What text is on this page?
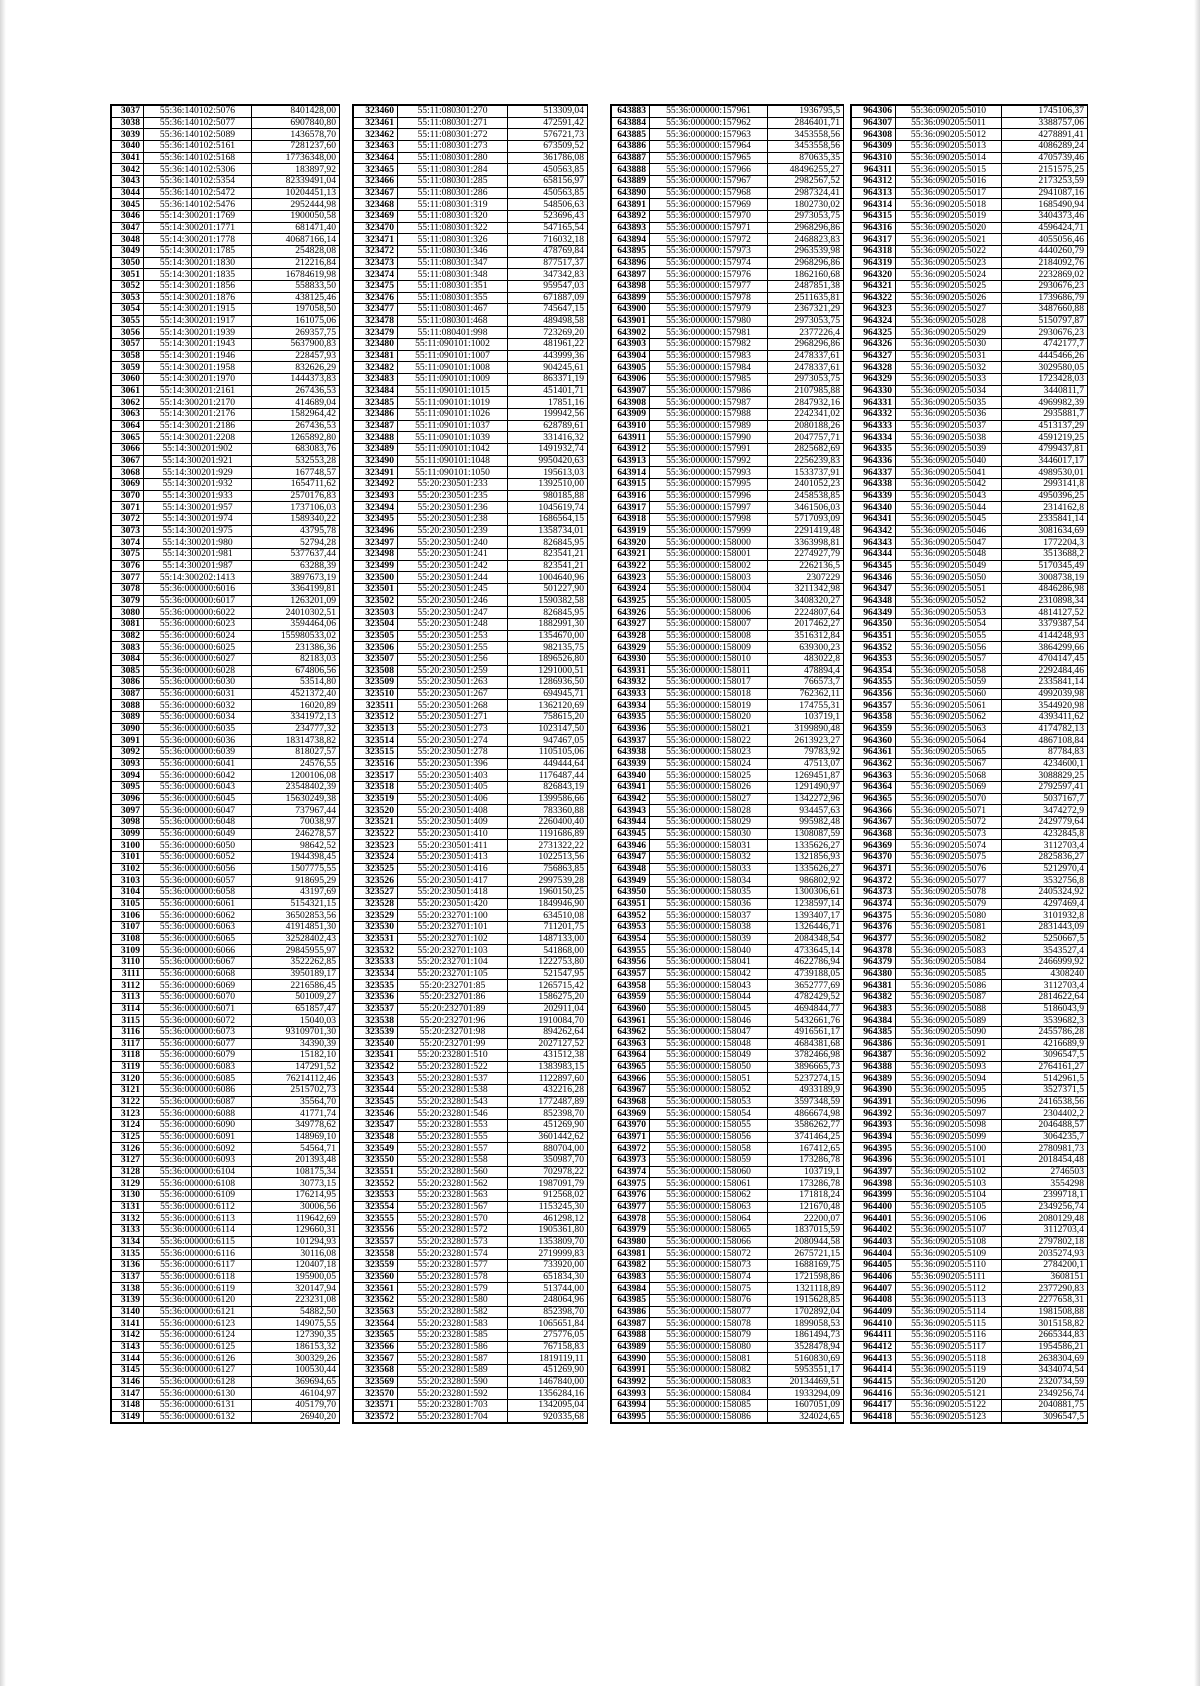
3037	55:36:140102:5076	8401428,00
3038	55:36:140102:5077	6907840,80
3039	55:36:140102:5089	1436578,70
3040	55:36:140102:5161	7281237,60
3041	55:36:140102:5168	17736348,00
3042	55:36:140102:5306	183897,92
3043	55:36:140102:5354	82339491,04
3044	55:36:140102:5472	10204451,13
3045	55:36:140102:5476	2952444,98
3046	55:14:300201:1769	1900050,58
3047	55:14:300201:1771	681471,40
3048	55:14:300201:1778	40687166,14
3049	55:14:300201:1785	254828,08
3050	55:14:300201:1830	212216,84
3051	55:14:300201:1835	16784619,98
3052	55:14:300201:1856	558833,50
3053	55:14:300201:1876	438125,46
3054	55:14:300201:1915	197058,50
3055	55:14:300201:1917	161075,06
3056	55:14:300201:1939	269357,75
3057	55:14:300201:1943	5637900,83
3058	55:14:300201:1946	228457,93
3059	55:14:300201:1958	832626,29
3060	55:14:300201:1970	1444373,83
3061	55:14:300201:2161	267436,53
3062	55:14:300201:2170	414689,04
3063	55:14:300201:2176	1582964,42
3064	55:14:300201:2186	267436,53
3065	55:14:300201:2208	1265892,80
3066	55:14:300201:902	683083,76
3067	55:14:300201:921	532553,28
3068	55:14:300201:929	167748,57
3069	55:14:300201:932	1654711,62
3070	55:14:300201:933	2570176,83
3071	55:14:300201:957	1737106,03
3072	55:14:300201:974	1589340,22
3073	55:14:300201:975	43795,78
3074	55:14:300201:980	52794,28
3075	55:14:300201:981	5377637,44
3076	55:14:300201:987	63288,39
3077	55:14:300202:1413	3897673,19
3078	55:36:000000:6016	3364199,81
3079	55:36:000000:6017	1263201,09
3080	55:36:000000:6022	24010302,51
3081	55:36:000000:6023	3594464,06
3082	55:36:000000:6024	155980533,02
3083	55:36:000000:6025	231386,36
3084	55:36:000000:6027	82183,03
3085	55:36:000000:6028	674806,56
3086	55:36:000000:6030	53514,80
3087	55:36:000000:6031	4521372,40
3088	55:36:000000:6032	16020,89
3089	55:36:000000:6034	3341972,13
3090	55:36:000000:6035	234777,32
3091	55:36:000000:6036	18314738,82
3092	55:36:000000:6039	818027,57
3093	55:36:000000:6041	24576,55
3094	55:36:000000:6042	1200106,08
3095	55:36:000000:6043	23548402,39
3096	55:36:000000:6045	15630249,38
3097	55:36:000000:6047	737967,44
3098	55:36:000000:6048	70038,97
3099	55:36:000000:6049	246278,57
3100	55:36:000000:6050	98642,52
3101	55:36:000000:6052	1944398,45
3102	55:36:000000:6056	1507775,55
3103	55:36:000000:6057	918695,29
3104	55:36:000000:6058	43197,69
3105	55:36:000000:6061	5154321,15
3106	55:36:000000:6062	36502853,56
3107	55:36:000000:6063	41914851,30
3108	55:36:000000:6065	32528402,43
3109	55:36:000000:6066	29845955,97
3110	55:36:000000:6067	3522262,85
3111	55:36:000000:6068	3950189,17
3112	55:36:000000:6069	2216586,45
3113	55:36:000000:6070	501009,27
3114	55:36:000000:6071	651857,47
3115	55:36:000000:6072	15040,03
3116	55:36:000000:6073	93109701,30
3117	55:36:000000:6077	34390,39
3118	55:36:000000:6079	15182,10
3119	55:36:000000:6083	147291,52
3120	55:36:000000:6085	76214112,46
3121	55:36:000000:6086	2515702,73
3122	55:36:000000:6087	35564,70
3123	55:36:000000:6088	41771,74
3124	55:36:000000:6090	349778,62
3125	55:36:000000:6091	148969,10
3126	55:36:000000:6092	54564,71
3127	55:36:000000:6093	201393,48
3128	55:36:000000:6104	108175,34
3129	55:36:000000:6108	30773,15
3130	55:36:000000:6109	176214,95
3131	55:36:000000:6112	30006,56
3132	55:36:000000:6113	119642,69
3133	55:36:000000:6114	129660,31
3134	55:36:000000:6115	101294,93
3135	55:36:000000:6116	30116,08
3136	55:36:000000:6117	120407,18
3137	55:36:000000:6118	195900,05
3138	55:36:000000:6119	320147,94
3139	55:36:000000:6120	223231,08
3140	55:36:000000:6121	54882,50
3141	55:36:000000:6123	149075,55
3142	55:36:000000:6124	127390,35
3143	55:36:000000:6125	186153,32
3144	55:36:000000:6126	300329,26
3145	55:36:000000:6127	100530,44
3146	55:36:000000:6128	369694,65
3147	55:36:000000:6130	46104,97
3148	55:36:000000:6131	405179,70
3149	55:36:000000:6132	26940,20
323460	55:11:080301:270	513309,04
323461	55:11:080301:271	472591,42
323462	55:11:080301:272	576721,73
323463	55:11:080301:273	673509,52
323464	55:11:080301:280	361786,08
323465	55:11:080301:284	450563,85
323466	55:11:080301:285	658156,97
323467	55:11:080301:286	450563,85
323468	55:11:080301:319	548506,63
323469	55:11:080301:320	523696,43
323470	55:11:080301:322	547165,54
323471	55:11:080301:326	716032,18
323472	55:11:080301:346	478769,84
323473	55:11:080301:347	877517,37
323474	55:11:080301:348	347342,83
323475	55:11:080301:351	959547,03
323476	55:11:080301:355	671887,09
323477	55:11:080301:467	745647,15
323478	55:11:080301:468	489498,58
323479	55:11:080401:998	723269,20
323480	55:11:090101:1002	481961,22
323481	55:11:090101:1007	443999,36
323482	55:11:090101:1008	904245,61
323483	55:11:090101:1009	863371,19
323484	55:11:090101:1015	451401,71
323485	55:11:090101:1019	17851,16
323486	55:11:090101:1026	199942,56
323487	55:11:090101:1037	628789,61
323488	55:11:090101:1039	331416,32
323489	55:11:090101:1042	1491932,74
323490	55:11:090101:1048	9950420,63
323491	55:11:090101:1050	195613,03
323492	55:20:230501:233	1392510,00
323493	55:20:230501:235	980185,88
323494	55:20:230501:236	1045619,74
323495	55:20:230501:238	1686564,15
323496	55:20:230501:239	1358734,01
323497	55:20:230501:240	826845,95
323498	55:20:230501:241	823541,21
323499	55:20:230501:242	823541,21
323500	55:20:230501:244	1004640,96
323501	55:20:230501:245	501227,90
323502	55:20:230501:246	1590382,58
323503	55:20:230501:247	826845,95
323504	55:20:230501:248	1882991,30
323505	55:20:230501:253	1354670,00
323506	55:20:230501:255	982135,75
323507	55:20:230501:256	1896526,80
323508	55:20:230501:259	1291000,51
323509	55:20:230501:263	1286936,50
323510	55:20:230501:267	694945,71
323511	55:20:230501:268	1362120,69
323512	55:20:230501:271	758615,20
323513	55:20:230501:273	1023147,50
323514	55:20:230501:274	947467,05
323515	55:20:230501:278	1105105,06
323516	55:20:230501:396	449444,64
323517	55:20:230501:403	1176487,44
323518	55:20:230501:405	826843,19
323519	55:20:230501:406	1399586,66
323520	55:20:230501:408	783360,88
323521	55:20:230501:409	2260400,40
323522	55:20:230501:410	1191686,89
323523	55:20:230501:411	2731322,22
323524	55:20:230501:413	1022513,56
323525	55:20:230501:416	756863,85
323526	55:20:230501:417	2997539,28
323527	55:20:230501:418	1960150,25
323528	55:20:230501:420	1849946,90
323529	55:20:232701:100	634510,08
323530	55:20:232701:101	711201,75
323531	55:20:232701:102	1487133,00
323532	55:20:232701:103	541868,00
323533	55:20:232701:104	1222753,80
323534	55:20:232701:105	521547,95
323535	55:20:232701:85	1265715,42
323536	55:20:232701:86	1586275,20
323537	55:20:232701:89	202911,04
323538	55:20:232701:96	1910084,70
323539	55:20:232701:98	894262,64
323540	55:20:232701:99	2027127,52
323541	55:20:232801:510	431512,38
323542	55:20:232801:522	1383983,15
323543	55:20:232801:537	1122897,60
323544	55:20:232801:538	432216,28
323545	55:20:232801:543	1772487,89
323546	55:20:232801:546	852398,70
323547	55:20:232801:553	451269,90
323548	55:20:232801:555	3601442,62
323549	55:20:232801:557	880704,00
323550	55:20:232801:558	350987,70
323551	55:20:232801:560	702978,22
323552	55:20:232801:562	1987091,79
323553	55:20:232801:563	912568,02
323554	55:20:232801:567	1153245,30
323555	55:20:232801:570	461298,12
323556	55:20:232801:572	1905361,80
323557	55:20:232801:573	1353809,70
323558	55:20:232801:574	2719999,83
323559	55:20:232801:577	733920,00
323560	55:20:232801:578	651834,30
323561	55:20:232801:579	513744,00
323562	55:20:232801:580	248064,96
323563	55:20:232801:582	852398,70
323564	55:20:232801:583	1065651,84
323565	55:20:232801:585	275776,05
323566	55:20:232801:586	767158,83
323567	55:20:232801:587	1819119,11
323568	55:20:232801:589	451269,90
323569	55:20:232801:590	1467840,00
323570	55:20:232801:592	1356284,16
323571	55:20:232801:703	1342095,04
323572	55:20:232801:704	920335,68
643883	55:36:000000:157961	1936795,5
643884	55:36:000000:157962	2846401,71
643885	55:36:000000:157963	3453558,56
643886	55:36:000000:157964	3453558,56
643887	55:36:000000:157965	870635,35
643888	55:36:000000:157966	48496255,27
643889	55:36:000000:157967	2982567,52
643890	55:36:000000:157968	2987324,41
643891	55:36:000000:157969	1802730,02
643892	55:36:000000:157970	2973053,75
643893	55:36:000000:157971	2968296,86
643894	55:36:000000:157972	2468823,83
643895	55:36:000000:157973	2963539,98
643896	55:36:000000:157974	2968296,86
643897	55:36:000000:157976	1862160,68
643898	55:36:000000:157977	2487851,38
643899	55:36:000000:157978	2511635,81
643900	55:36:000000:157979	2367321,29
643901	55:36:000000:157980	2973053,75
643902	55:36:000000:157981	2377226,4
643903	55:36:000000:157982	2968296,86
643904	55:36:000000:157983	2478337,61
643905	55:36:000000:157984	2478337,61
643906	55:36:000000:157985	2973053,75
643907	55:36:000000:157986	2107985,88
643908	55:36:000000:157987	2847932,16
643909	55:36:000000:157988	2242341,02
643910	55:36:000000:157989	2080188,26
643911	55:36:000000:157990	2047757,71
643912	55:36:000000:157991	2825682,69
643913	55:36:000000:157992	2256239,83
643914	55:36:000000:157993	1533737,91
643915	55:36:000000:157995	2401052,23
643916	55:36:000000:157996	2458538,85
643917	55:36:000000:157997	3461506,03
643918	55:36:000000:157998	5717093,09
643919	55:36:000000:157999	2291419,48
643920	55:36:000000:158000	3363998,81
643921	55:36:000000:158001	2274927,79
643922	55:36:000000:158002	2262136,5
643923	55:36:000000:158003	2307229
643924	55:36:000000:158004	3211342,98
643925	55:36:000000:158005	3408320,27
643926	55:36:000000:158006	2224807,64
643927	55:36:000000:158007	2017462,27
643928	55:36:000000:158008	3516312,84
643929	55:36:000000:158009	639300,23
643930	55:36:000000:158010	483022,8
643931	55:36:000000:158011	478894,4
643932	55:36:000000:158017	766573,7
643933	55:36:000000:158018	762362,11
643934	55:36:000000:158019	174755,31
643935	55:36:000000:158020	103719,1
643936	55:36:000000:158021	3199890,48
643937	55:36:000000:158022	2613923,27
643938	55:36:000000:158023	79783,92
643939	55:36:000000:158024	47513,07
643940	55:36:000000:158025	1269451,87
643941	55:36:000000:158026	1291490,97
643942	55:36:000000:158027	1342272,96
643943	55:36:000000:158028	934457,63
643944	55:36:000000:158029	995982,48
643945	55:36:000000:158030	1308087,59
643946	55:36:000000:158031	1335626,27
643947	55:36:000000:158032	1321856,93
643948	55:36:000000:158033	1335626,27
643949	55:36:000000:158034	986802,92
643950	55:36:000000:158035	1300306,61
643951	55:36:000000:158036	1238597,14
643952	55:36:000000:158037	1393407,17
643953	55:36:000000:158038	1326446,71
643954	55:36:000000:158039	2084348,54
643955	55:36:000000:158040	4733645,14
643956	55:36:000000:158041	4622786,94
643957	55:36:000000:158042	4739188,05
643958	55:36:000000:158043	3652777,69
643959	55:36:000000:158044	4782429,52
643960	55:36:000000:158045	4694844,77
643961	55:36:000000:158046	5432661,76
643962	55:36:000000:158047	4916561,17
643963	55:36:000000:158048	4684381,68
643964	55:36:000000:158049	3782466,98
643965	55:36:000000:158050	3896665,73
643966	55:36:000000:158051	5237274,15
643967	55:36:000000:158052	4933189,9
643968	55:36:000000:158053	3597348,59
643969	55:36:000000:158054	4866674,98
643970	55:36:000000:158055	3586262,77
643971	55:36:000000:158056	3741464,25
643972	55:36:000000:158058	167412,65
643973	55:36:000000:158059	173286,78
643974	55:36:000000:158060	103719,1
643975	55:36:000000:158061	173286,78
643976	55:36:000000:158062	171818,24
643977	55:36:000000:158063	121670,48
643978	55:36:000000:158064	22200,07
643979	55:36:000000:158065	1837015,59
643980	55:36:000000:158066	2080944,58
643981	55:36:000000:158072	2675721,15
643982	55:36:000000:158073	1688169,75
643983	55:36:000000:158074	1721598,86
643984	55:36:000000:158075	1321118,89
643985	55:36:000000:158076	1915628,85
643986	55:36:000000:158077	1702892,04
643987	55:36:000000:158078	1899058,53
643988	55:36:000000:158079	1861494,73
643989	55:36:000000:158080	3528478,94
643990	55:36:000000:158081	5160830,69
643991	55:36:000000:158082	5953551,17
643992	55:36:000000:158083	20134469,51
643993	55:36:000000:158084	1933294,09
643994	55:36:000000:158085	1607051,09
643995	55:36:000000:158086	324024,65
964306	55:36:090205:5010	1745106,37
964307	55:36:090205:5011	3388757,06
964308	55:36:090205:5012	4278891,41
964309	55:36:090205:5013	4086289,24
964310	55:36:090205:5014	4705739,46
964311	55:36:090205:5015	2151575,25
964312	55:36:090205:5016	2173253,59
964313	55:36:090205:5017	2941087,16
964314	55:36:090205:5018	1685490,94
964315	55:36:090205:5019	3404373,46
964316	55:36:090205:5020	4596424,71
964317	55:36:090205:5021	4055056,46
964318	55:36:090205:5022	4440260,79
964319	55:36:090205:5023	2184092,76
964320	55:36:090205:5024	2232869,02
964321	55:36:090205:5025	2930676,23
964322	55:36:090205:5026	1739686,79
964323	55:36:090205:5027	3487660,88
964324	55:36:090205:5028	5150797,87
964325	55:36:090205:5029	2930676,23
964326	55:36:090205:5030	4742177,7
964327	55:36:090205:5031	4445466,26
964328	55:36:090205:5032	3029580,05
964329	55:36:090205:5033	1723428,03
964330	55:36:090205:5034	3440811,7
964331	55:36:090205:5035	4969982,39
964332	55:36:090205:5036	2935881,7
964333	55:36:090205:5037	4513137,29
964334	55:36:090205:5038	4591219,25
964335	55:36:090205:5039	4799437,81
964336	55:36:090205:5040	3446017,17
964337	55:36:090205:5041	4989530,01
964338	55:36:090205:5042	2993141,8
964339	55:36:090205:5043	4950396,25
964340	55:36:090205:5044	2314162,8
964341	55:36:090205:5045	2335841,14
964342	55:36:090205:5046	3081634,69
964343	55:36:090205:5047	1772204,3
964344	55:36:090205:5048	3513688,2
964345	55:36:090205:5049	5170345,49
964346	55:36:090205:5050	3008738,19
964347	55:36:090205:5051	4846286,98
964348	55:36:090205:5052	2310898,34
964349	55:36:090205:5053	4814127,52
964350	55:36:090205:5054	3379387,54
964351	55:36:090205:5055	4144248,93
964352	55:36:090205:5056	3864299,66
964353	55:36:090205:5057	4704147,45
964354	55:36:090205:5058	2292484,46
964355	55:36:090205:5059	2335841,14
964356	55:36:090205:5060	4992039,98
964357	55:36:090205:5061	3544920,98
964358	55:36:090205:5062	4393411,62
964359	55:36:090205:5063	4174782,13
964360	55:36:090205:5064	4867108,84
964361	55:36:090205:5065	87784,83
964362	55:36:090205:5067	4234600,1
964363	55:36:090205:5068	3088829,25
964364	55:36:090205:5069	2792597,41
964365	55:36:090205:5070	5037167,7
964366	55:36:090205:5071	3474272,9
964367	55:36:090205:5072	2429779,64
964368	55:36:090205:5073	4232845,8
964369	55:36:090205:5074	3112703,4
964370	55:36:090205:5075	2825836,27
964371	55:36:090205:5076	5212970,4
964372	55:36:090205:5077	3532756,8
964373	55:36:090205:5078	2405324,92
964374	55:36:090205:5079	4297469,4
964375	55:36:090205:5080	3101932,8
964376	55:36:090205:5081	2831443,09
964377	55:36:090205:5082	5250667,5
964378	55:36:090205:5083	3543527,4
964379	55:36:090205:5084	2466999,92
964380	55:36:090205:5085	4308240
964381	55:36:090205:5086	3112703,4
964382	55:36:090205:5087	2814622,64
964383	55:36:090205:5088	5186043,9
964384	55:36:090205:5089	3539682,3
964385	55:36:090205:5090	2455786,28
964386	55:36:090205:5091	4216689,9
964387	55:36:090205:5092	3096547,5
964388	55:36:090205:5093	2764161,27
964389	55:36:090205:5094	5142961,5
964390	55:36:090205:5095	3527371,5
964391	55:36:090205:5096	2416538,56
964392	55:36:090205:5097	2304402,2
964393	55:36:090205:5098	2046488,57
964394	55:36:090205:5099	3064235,7
964395	55:36:090205:5100	2780981,73
964396	55:36:090205:5101	2018454,48
964397	55:36:090205:5102	2746503
964398	55:36:090205:5103	3554298
964399	55:36:090205:5104	2399718,1
964400	55:36:090205:5105	2349256,74
964401	55:36:090205:5106	2080129,48
964402	55:36:090205:5107	3112703,4
964403	55:36:090205:5108	2797802,18
964404	55:36:090205:5109	2035274,93
964405	55:36:090205:5110	2784200,1
964406	55:36:090205:5111	3608151
964407	55:36:090205:5112	2377290,83
964408	55:36:090205:5113	2277658,31
964409	55:36:090205:5114	1981508,88
964410	55:36:090205:5115	3015158,82
964411	55:36:090205:5116	2665344,83
964412	55:36:090205:5117	1954586,21
964413	55:36:090205:5118	2638304,69
964414	55:36:090205:5119	3434074,54
964415	55:36:090205:5120	2320734,59
964416	55:36:090205:5121	2349256,74
964417	55:36:090205:5122	2040881,75
964418	55:36:090205:5123	3096547,5
